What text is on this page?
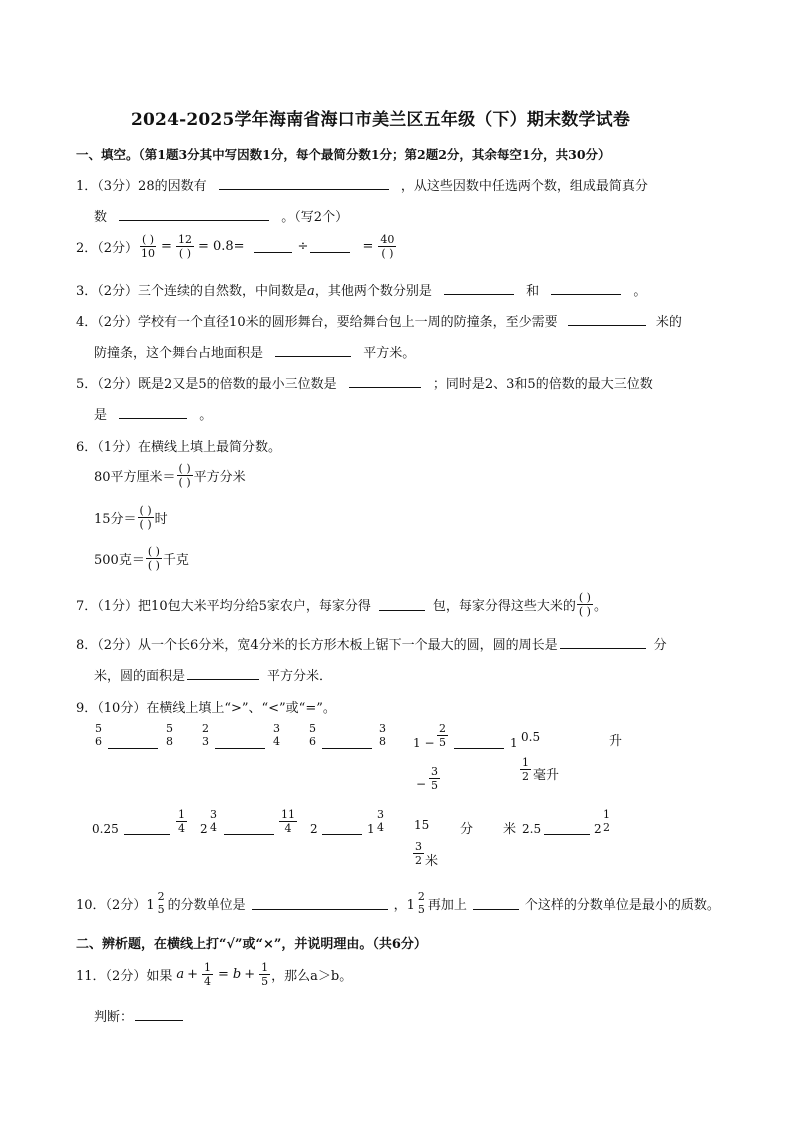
2024-2025学年海南省海口市美兰区五年级（下）期末数学试卷
一、填空。（第1题3分其中写因数1分，每个最简分数1分；第2题2分，其余每空1分，共30分）
1．（3分）28的因数有	，从这些因数中任选两个数，组成最简真分
数	。（写2个）
2．（2分） $\frac{( )}{10} = \frac{12}{( )} = 0.8=$	÷	= $\frac{40}{( )}$
3．（2分）三个连续的自然数，中间数是a，其他两个数分别是	和	。
4．（2分）学校有一个直径10米的圆形舞台，要给舞台包上一周的防撞条，至少需要	米的
防撞条，这个舞台占地面积是	平方米。
5．（2分）既是2又是5的倍数的最小三位数是	；同时是2、3和5的倍数的最大三位数
是	。
6．（1分）在横线上填上最简分数。
80平方厘米＝ $\frac{( )}{( )}$ 平方分米
15分＝ $\frac{( )}{( )}$ 时
500克＝ $\frac{( )}{( )}$ 千克
7．（1分）把10包大米平均分给5家农户，每家分得	包，每家分得这些大米的 $\frac{( )}{( )}$ 。
8．（2分）从一个长6分米，宽4分米的长方形木板上锯下一个最大的圆，圆的周长是	分
米，圆的面积是	平方分米．
9．（10分）在横线上填上“>”、“<”或“=”。
5
6
5
8
2
3
3
4
5
6
3
8 $1 - \frac{2}{5}$	1
− $\frac{3}{5}$
0.5	升
$\frac{1}{2}$ 毫升
0.25	$\frac{1}{4} 2$
3
4	$\frac{11}{4} 2$	1
3
4	15 分 米
$\frac{3}{2}$ 米
2.5	2
1
2
10．（2分）1
2
5 的分数单位是	，1
2
5 再加上	个这样的分数单位是最小的质数。
二、辨析题，在横线上打“√”或“×”，并说明理由。（共6分）
11．（2分）如果 $a + \frac{1}{4} = b + \frac{1}{5}$ ，那么 a＞b。
判断：
